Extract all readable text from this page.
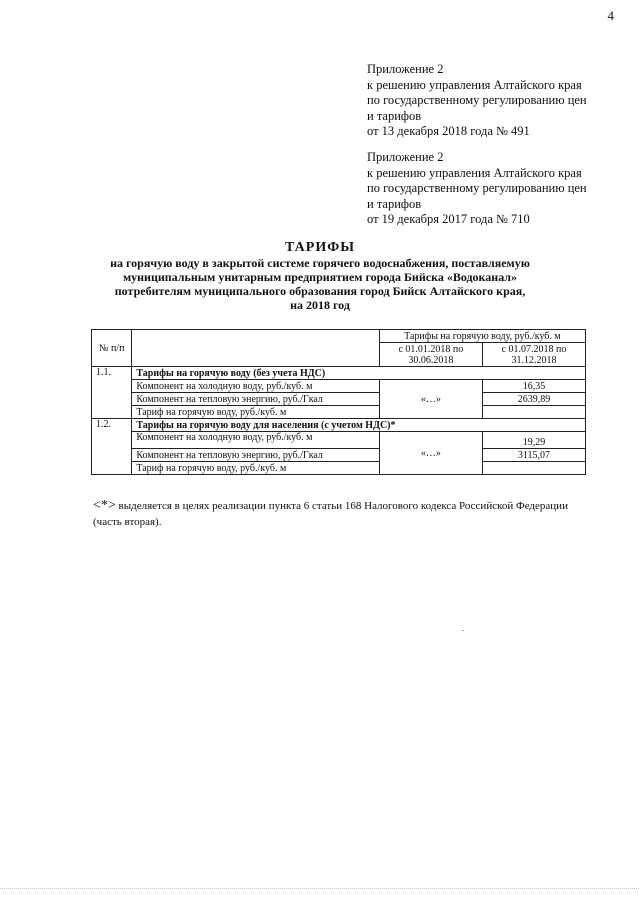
4
Приложение 2
к решению управления Алтайского края
по государственному регулированию цен
и тарифов
от 13 декабря 2018 года № 491
Приложение 2
к решению управления Алтайского края
по государственному регулированию цен
и тарифов
от 19 декабря 2017 года № 710
ТАРИФЫ
на горячую воду в закрытой системе горячего водоснабжения, поставляемую
муниципальным унитарным предприятием города Бийска «Водоканал»
потребителям муниципального образования город Бийск Алтайского края,
на 2018 год
№ п/п		Тарифы на горячую воду, руб./куб. м	
		с 01.01.2018 по 30.06.2018	с 01.07.2018 по 31.12.2018
1.1.	Тарифы на горячую воду (без учета НДС)		
	Компонент на холодную воду, руб./куб. м	«…»	16,35
	Компонент на тепловую энергию, руб./Гкал		2639,89
	Тариф на горячую воду, руб./куб. м		
1.2.	Тарифы на горячую воду для населения (с учетом НДС)*		
	Компонент на холодную воду, руб./куб. м	«…»	19,29
	Компонент на тепловую энергию, руб./Гкал		3115,07
	Тариф на горячую воду, руб./куб. м		
<*> выделяется в целях реализации пункта 6 статьи 168 Налогового кодекса Российской Федерации (часть вторая).
